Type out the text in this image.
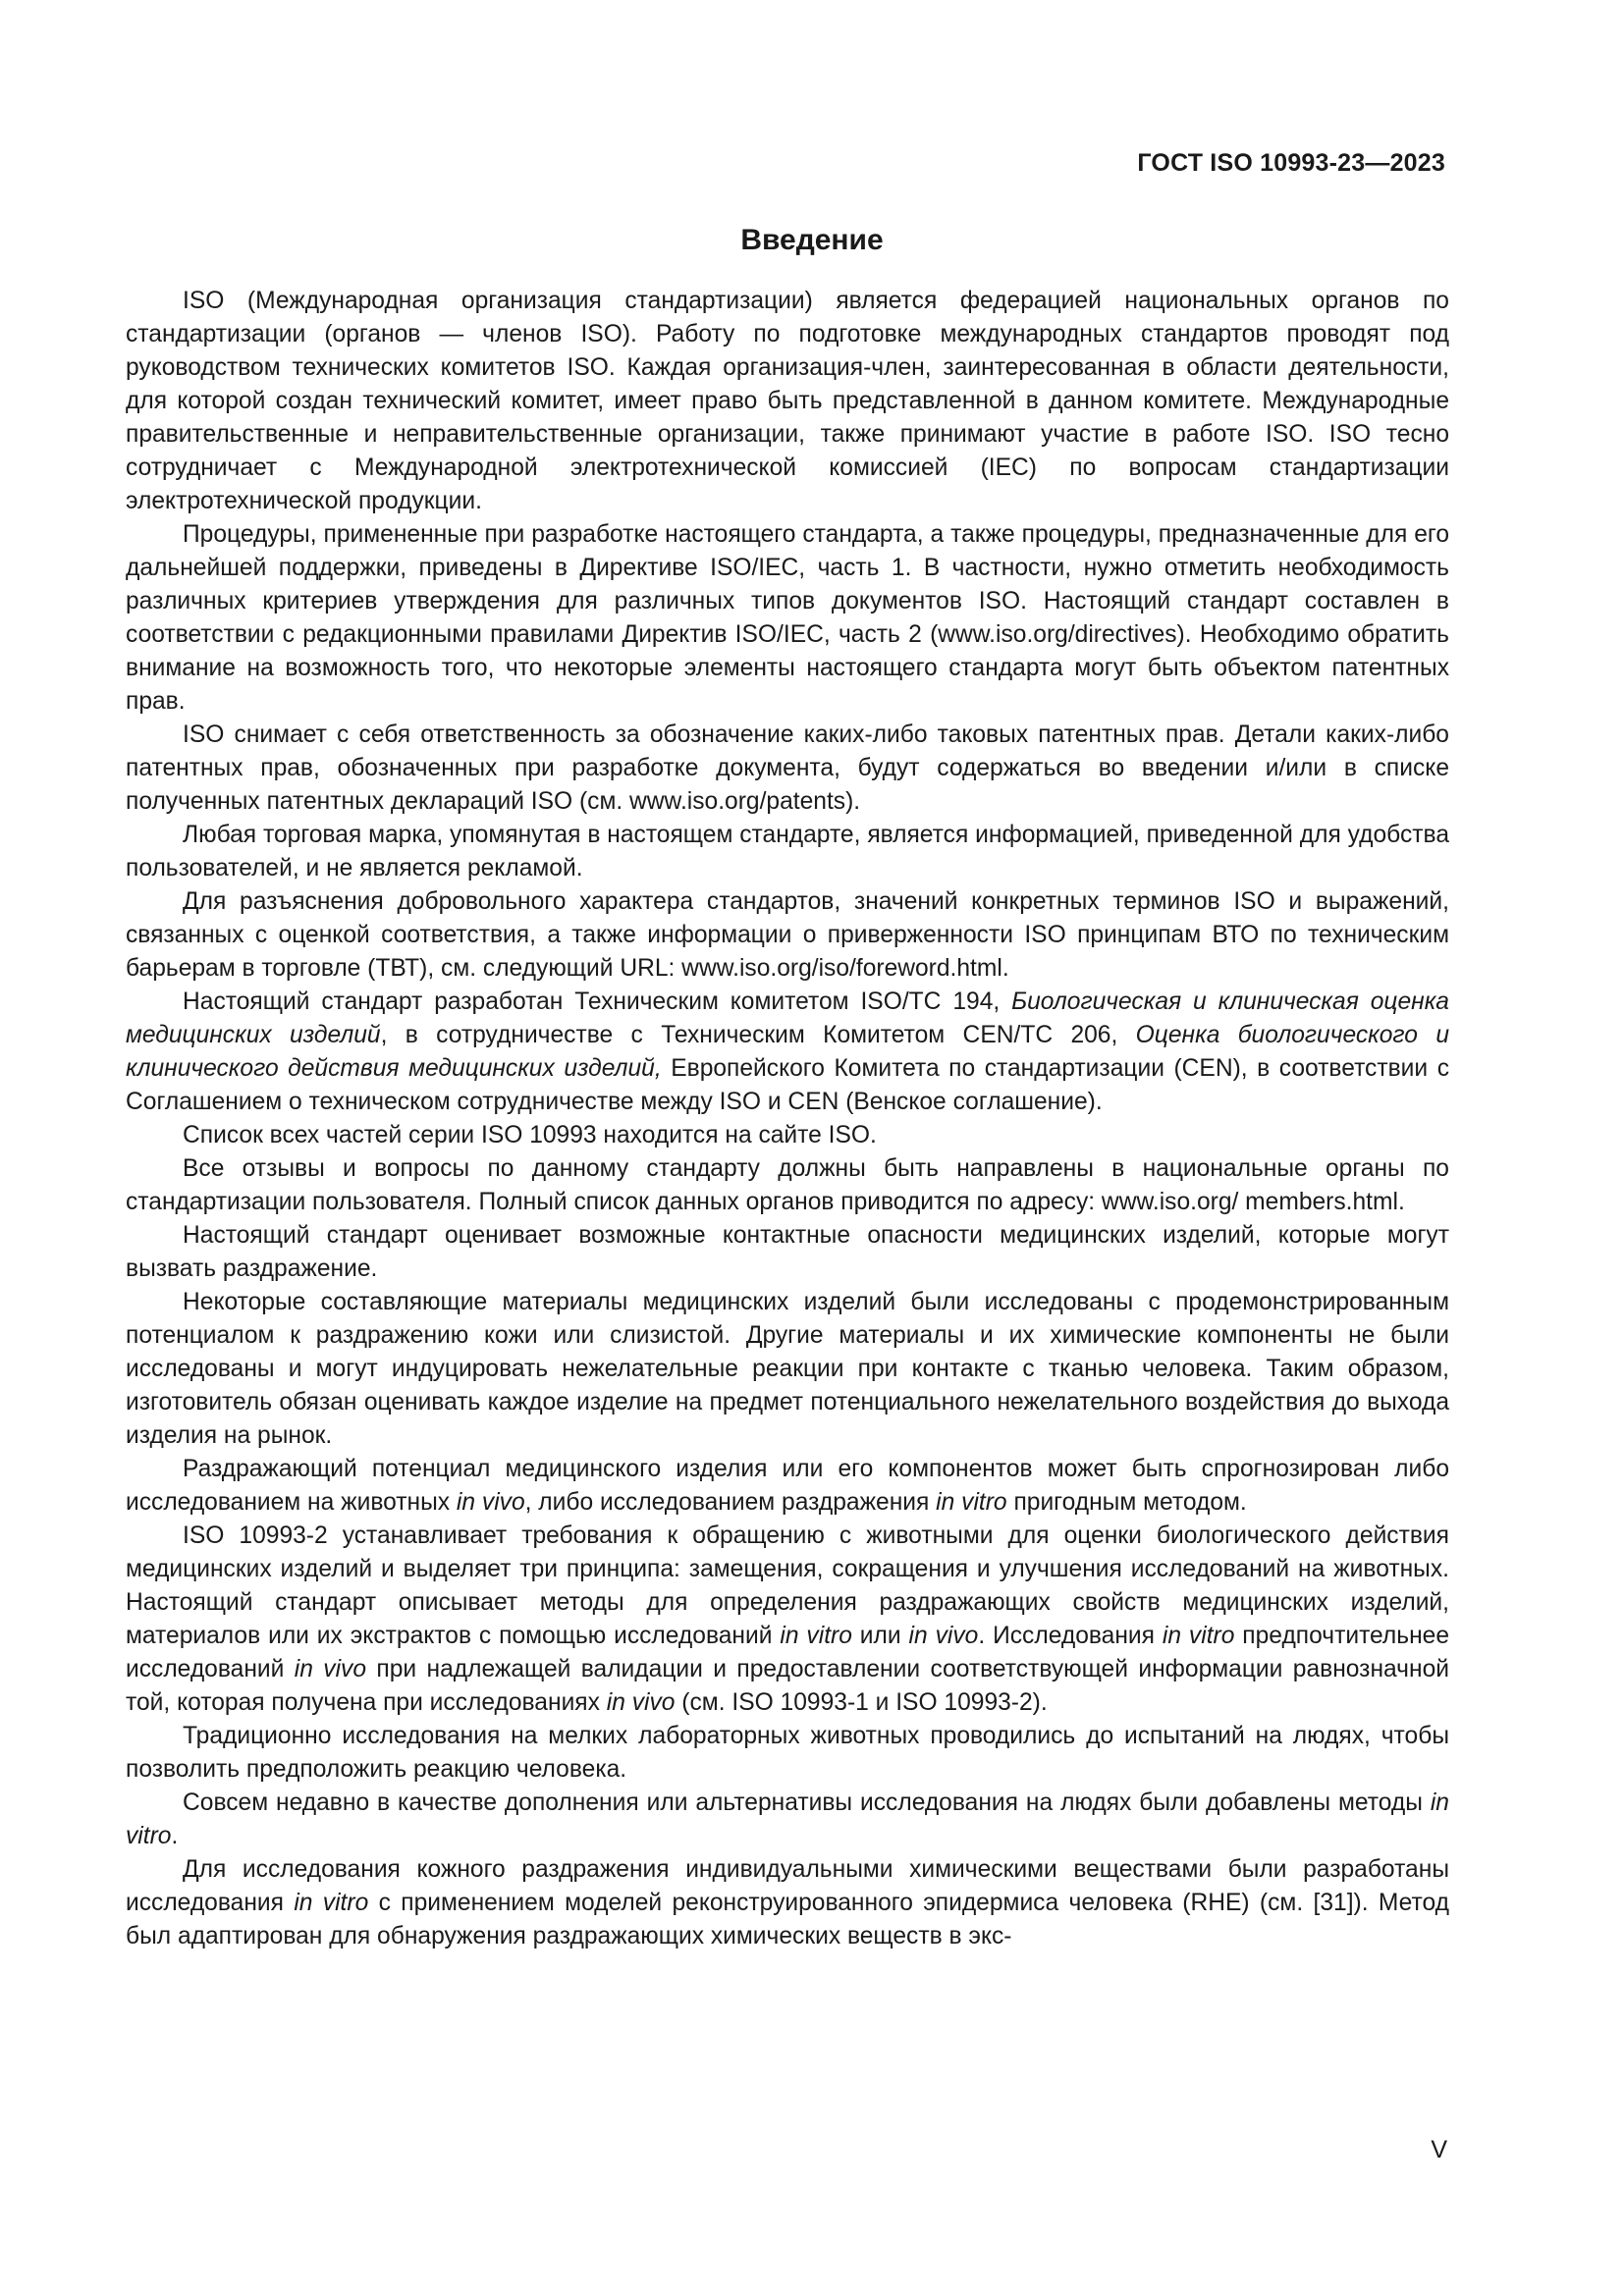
ГОСТ ISO 10993-23—2023
Введение

ISO (Международная организация стандартизации) является федерацией национальных органов по стандартизации (органов — членов ISO). Работу по подготовке международных стандартов проводят под руководством технических комитетов ISO. Каждая организация-член, заинтересованная в области деятельности, для которой создан технический комитет, имеет право быть представленной в данном комитете. Международные правительственные и неправительственные организации, также принимают участие в работе ISO. ISO тесно сотрудничает с Международной электротехнической комиссией (IEC) по вопросам стандартизации электротехнической продукции.

Процедуры, примененные при разработке настоящего стандарта, а также процедуры, предназначенные для его дальнейшей поддержки, приведены в Директиве ISO/IEC, часть 1. В частности, нужно отметить необходимость различных критериев утверждения для различных типов документов ISO. Настоящий стандарт составлен в соответствии с редакционными правилами Директив ISO/IEC, часть 2 (www.iso.org/directives). Необходимо обратить внимание на возможность того, что некоторые элементы настоящего стандарта могут быть объектом патентных прав.

ISO снимает с себя ответственность за обозначение каких-либо таковых патентных прав. Детали каких-либо патентных прав, обозначенных при разработке документа, будут содержаться во введении и/или в списке полученных патентных деклараций ISO (см. www.iso.org/patents).

Любая торговая марка, упомянутая в настоящем стандарте, является информацией, приведенной для удобства пользователей, и не является рекламой.

Для разъяснения добровольного характера стандартов, значений конкретных терминов ISO и выражений, связанных с оценкой соответствия, а также информации о приверженности ISO принципам ВТО по техническим барьерам в торговле (ТВТ), см. следующий URL: www.iso.org/iso/foreword.html.

Настоящий стандарт разработан Техническим комитетом ISO/TC 194, Биологическая и клиническая оценка медицинских изделий, в сотрудничестве с Техническим Комитетом CEN/TC 206, Оценка биологического и клинического действия медицинских изделий, Европейского Комитета по стандартизации (CEN), в соответствии с Соглашением о техническом сотрудничестве между ISO и CEN (Венское соглашение).

Список всех частей серии ISO 10993 находится на сайте ISO.

Все отзывы и вопросы по данному стандарту должны быть направлены в национальные органы по стандартизации пользователя. Полный список данных органов приводится по адресу: www.iso.org/ members.html.

Настоящий стандарт оценивает возможные контактные опасности медицинских изделий, которые могут вызвать раздражение.

Некоторые составляющие материалы медицинских изделий были исследованы с продемонстрированным потенциалом к раздражению кожи или слизистой. Другие материалы и их химические компоненты не были исследованы и могут индуцировать нежелательные реакции при контакте с тканью человека. Таким образом, изготовитель обязан оценивать каждое изделие на предмет потенциального нежелательного воздействия до выхода изделия на рынок.

Раздражающий потенциал медицинского изделия или его компонентов может быть спрогнозирован либо исследованием на животных in vivo, либо исследованием раздражения in vitro пригодным методом.

ISO 10993-2 устанавливает требования к обращению с животными для оценки биологического действия медицинских изделий и выделяет три принципа: замещения, сокращения и улучшения исследований на животных. Настоящий стандарт описывает методы для определения раздражающих свойств медицинских изделий, материалов или их экстрактов с помощью исследований in vitro или in vivo. Исследования in vitro предпочтительнее исследований in vivo при надлежащей валидации и предоставлении соответствующей информации равнозначной той, которая получена при исследованиях in vivo (см. ISO 10993-1 и ISO 10993-2).

Традиционно исследования на мелких лабораторных животных проводились до испытаний на людях, чтобы позволить предположить реакцию человека.

Совсем недавно в качестве дополнения или альтернативы исследования на людях были добавлены методы in vitro.

Для исследования кожного раздражения индивидуальными химическими веществами были разработаны исследования in vitro с применением моделей реконструированного эпидермиса человека (RHE) (см. [31]). Метод был адаптирован для обнаружения раздражающих химических веществ в экс-

V
